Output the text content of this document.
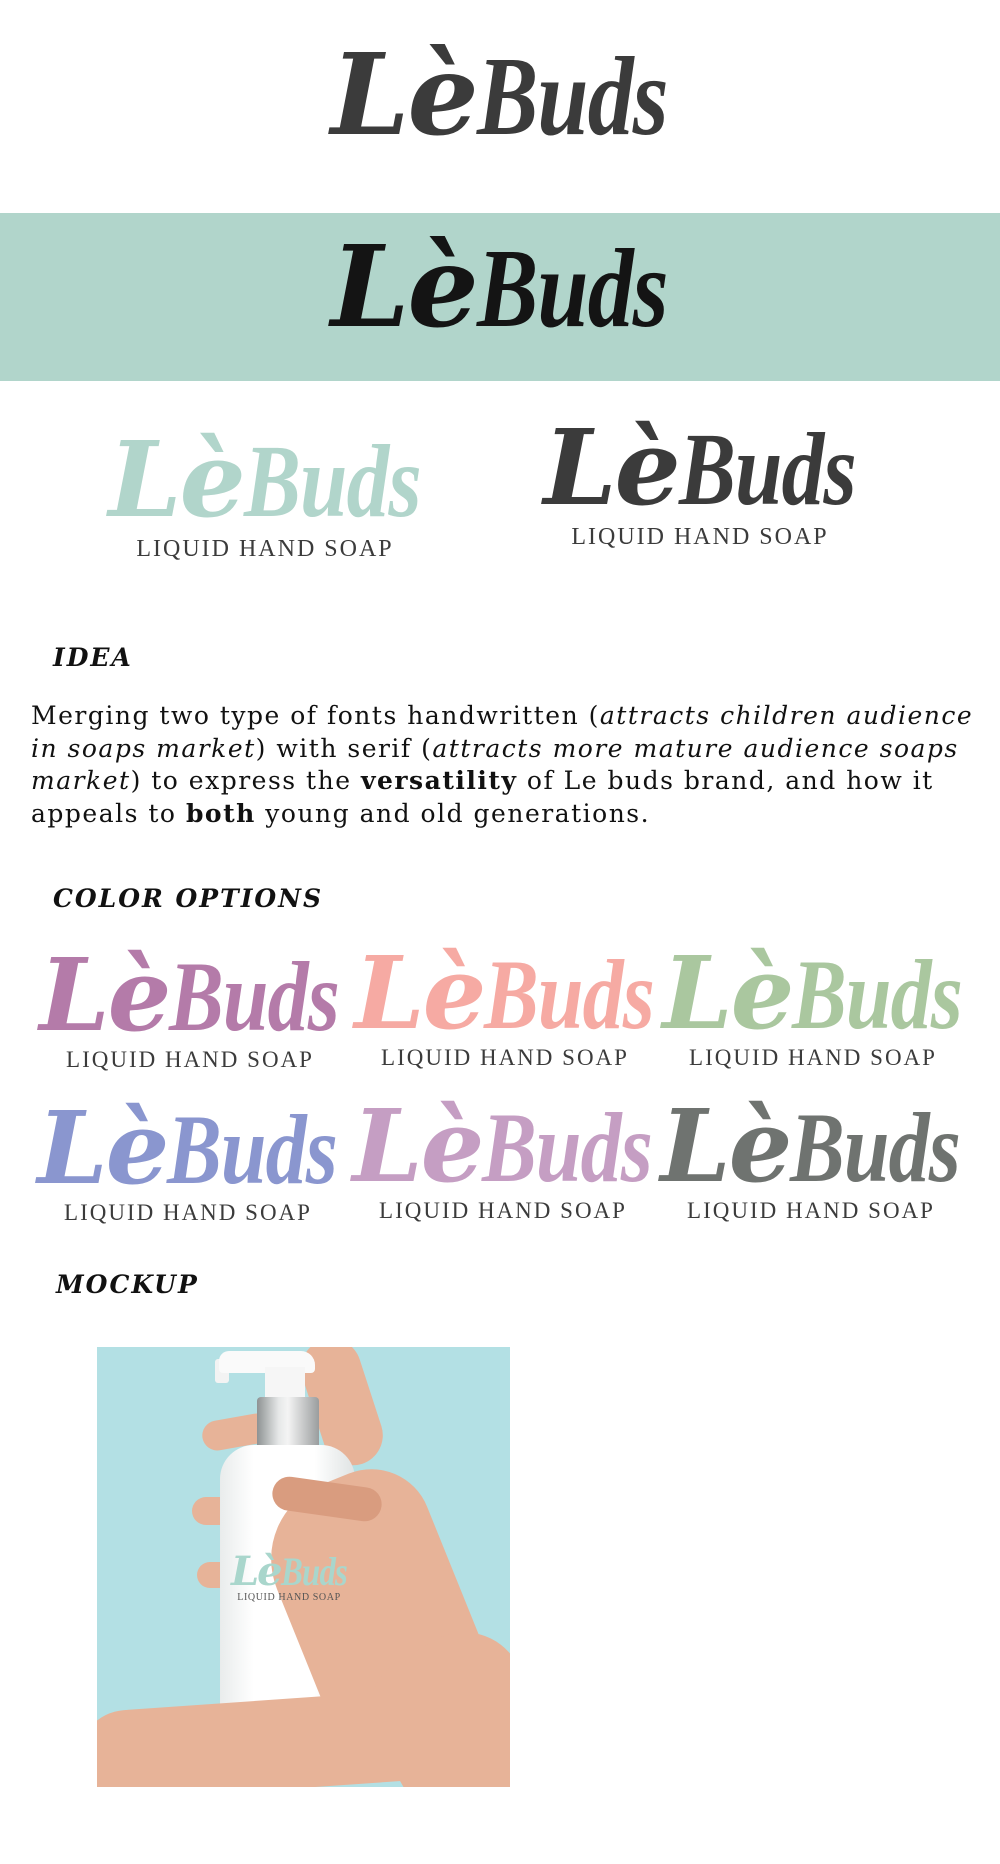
Lè Buds
Lè Buds
Lè Buds
LIQUID HAND SOAP
Lè Buds
LIQUID HAND SOAP
IDEA
Merging two type of fonts handwritten (attracts children audience in soaps market) with serif (attracts more mature audience soaps market) to express the versatility of Le buds brand, and how it appeals to both young and old generations.
COLOR OPTIONS
Lè Buds
LIQUID HAND SOAP
Lè Buds
LIQUID HAND SOAP
Lè Buds
LIQUID HAND SOAP
Lè Buds
LIQUID HAND SOAP
Lè Buds
LIQUID HAND SOAP
Lè Buds
LIQUID HAND SOAP
MOCKUP
Lè Buds
LIQUID HAND SOAP
